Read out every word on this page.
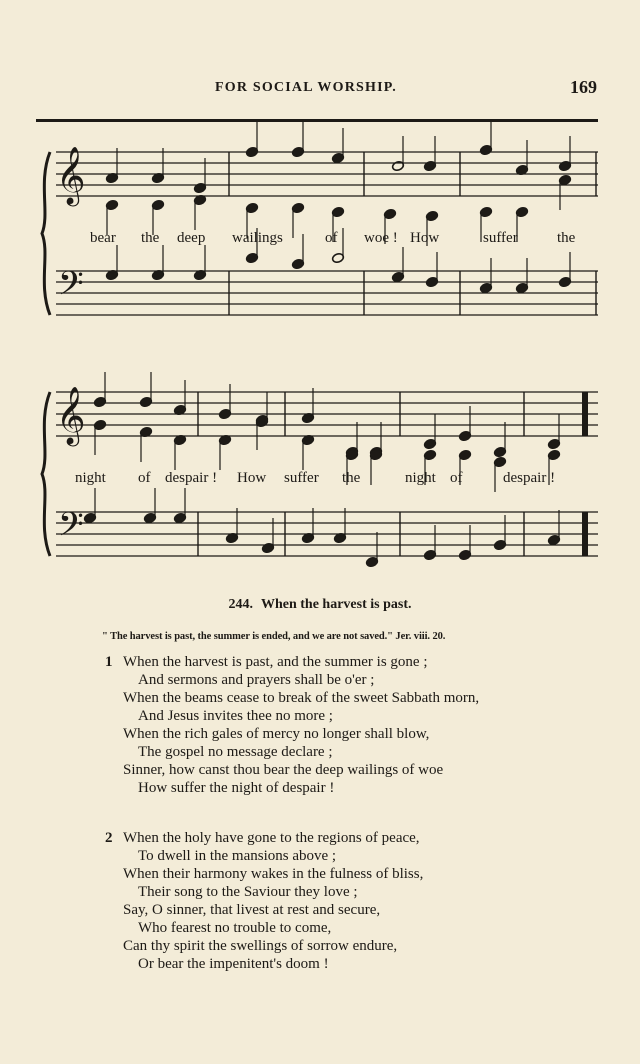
FOR SOCIAL WORSHIP.	169
𝄞
𝄢
𝄞
𝄢
bear the deep wailings	of woe ! How	suffer	the
night of despair ! How suffer the	night of	despair !
244. When the harvest is past.
" The harvest is past, the summer is ended, and we are not saved." Jer. viii. 20.
1 When the harvest is past, and the summer is gone ;
And sermons and prayers shall be o'er ;
When the beams cease to break of the sweet Sabbath morn,
And Jesus invites thee no more ;
When the rich gales of mercy no longer shall blow,
The gospel no message declare ;
Sinner, how canst thou bear the deep wailings of woe
How suffer the night of despair !
2 When the holy have gone to the regions of peace,
To dwell in the mansions above ;
When their harmony wakes in the fulness of bliss,
Their song to the Saviour they love ;
Say, O sinner, that livest at rest and secure,
Who fearest no trouble to come,
Can thy spirit the swellings of sorrow endure,
Or bear the impenitent's doom !
